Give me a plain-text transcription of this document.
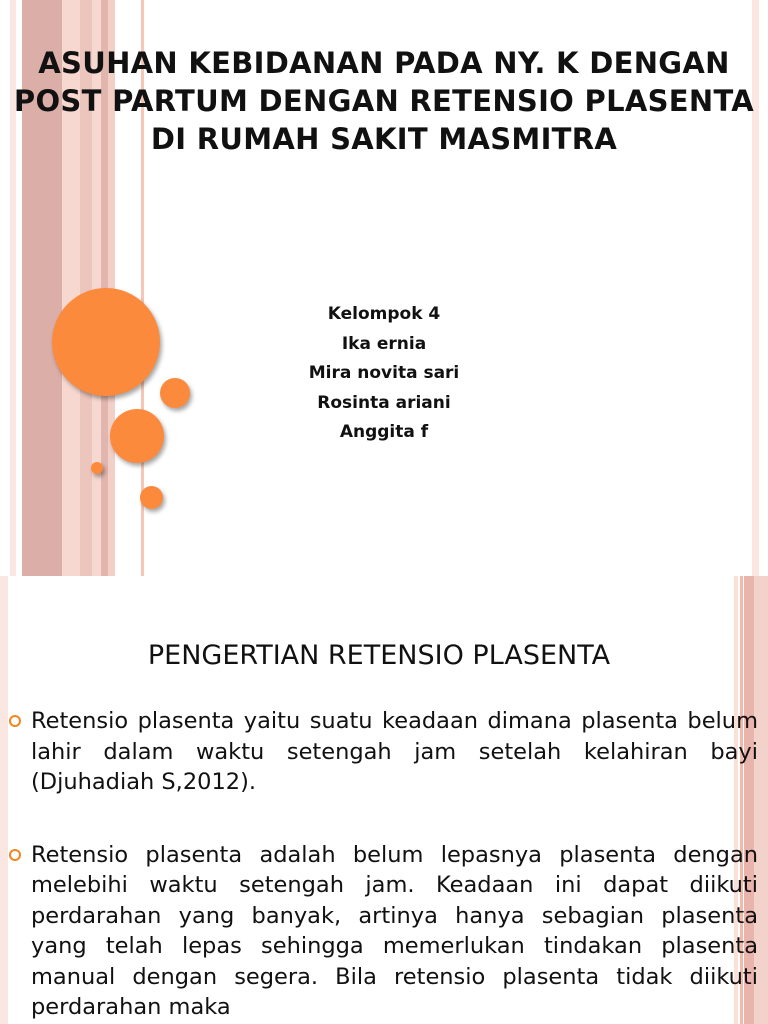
ASUHAN KEBIDANAN PADA NY. K DENGAN POST PARTUM DENGAN RETENSIO PLASENTA DI RUMAH SAKIT MASMITRA
Kelompok 4
Ika ernia
Mira novita sari
Rosinta ariani
Anggita f
PENGERTIAN RETENSIO PLASENTA
Retensio plasenta yaitu suatu keadaan dimana plasenta belum lahir dalam waktu setengah jam setelah kelahiran bayi (Djuhadiah S,2012).
Retensio plasenta adalah belum lepasnya plasenta dengan melebihi waktu setengah jam. Keadaan ini dapat diikuti perdarahan yang banyak, artinya hanya sebagian plasenta yang telah lepas sehingga memerlukan tindakan plasenta manual dengan segera. Bila retensio plasenta tidak diikuti perdarahan maka
